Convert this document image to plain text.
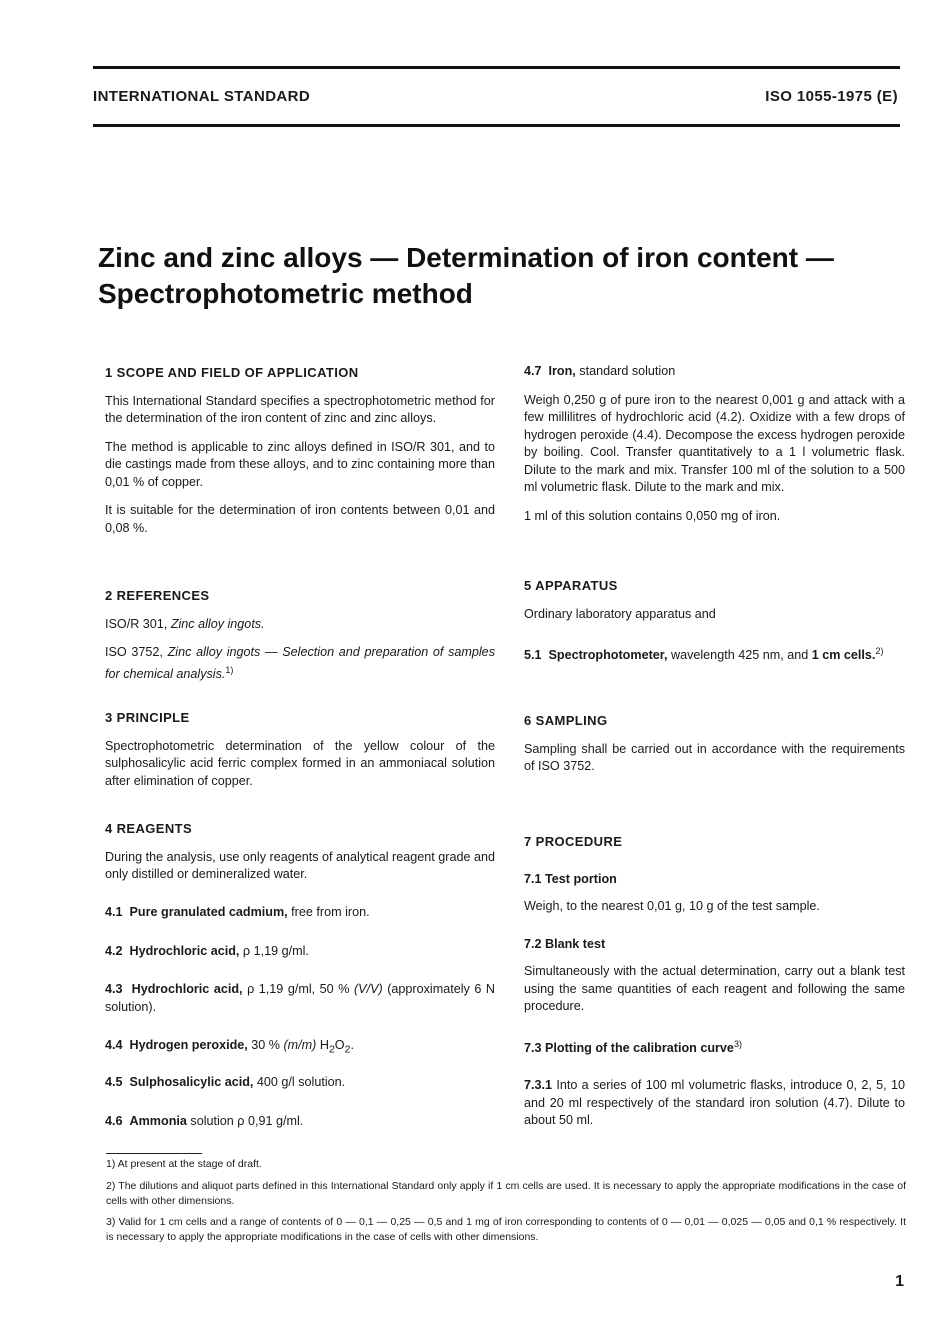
INTERNATIONAL STANDARD	ISO 1055-1975 (E)
Zinc and zinc alloys — Determination of iron content —
Spectrophotometric method
1 SCOPE AND FIELD OF APPLICATION

This International Standard specifies a spectrophotometric method for the determination of the iron content of zinc and zinc alloys.

The method is applicable to zinc alloys defined in ISO/R 301, and to die castings made from these alloys, and to zinc containing more than 0,01 % of copper.

It is suitable for the determination of iron contents between 0,01 and 0,08 %.

2 REFERENCES

ISO/R 301, Zinc alloy ingots.

ISO 3752, Zinc alloy ingots — Selection and preparation of samples for chemical analysis.$^{1)}$

3 PRINCIPLE

Spectrophotometric determination of the yellow colour of the sulphosalicylic acid ferric complex formed in an ammoniacal solution after elimination of copper.

4 REAGENTS

During the analysis, use only reagents of analytical reagent grade and only distilled or demineralized water.

4.1 Pure granulated cadmium, free from iron.

4.2 Hydrochloric acid, ρ 1,19 g/ml.

4.3 Hydrochloric acid, ρ 1,19 g/ml, 50 % (V/V) (approximately 6 N solution).

4.4 Hydrogen peroxide, 30 % (m/m) $H_2O_2$.

4.5 Sulphosalicylic acid, 400 g/l solution.

4.6 Ammonia solution ρ 0,91 g/ml.

4.7 Iron, standard solution

Weigh 0,250 g of pure iron to the nearest 0,001 g and attack with a few millilitres of hydrochloric acid (4.2). Oxidize with a few drops of hydrogen peroxide (4.4). Decompose the excess hydrogen peroxide by boiling. Cool. Transfer quantitatively to a 1 l volumetric flask. Dilute to the mark and mix. Transfer 100 ml of the solution to a 500 ml volumetric flask. Dilute to the mark and mix.

1 ml of this solution contains 0,050 mg of iron.

5 APPARATUS

Ordinary laboratory apparatus and

5.1 Spectrophotometer, wavelength 425 nm, and 1 cm cells.$^{2)}$

6 SAMPLING

Sampling shall be carried out in accordance with the requirements of ISO 3752.

7 PROCEDURE
7.1 Test portion

Weigh, to the nearest 0,01 g, 10 g of the test sample.

7.2 Blank test

Simultaneously with the actual determination, carry out a blank test using the same quantities of each reagent and following the same procedure.

7.3 Plotting of the calibration curve$^{3)}$

7.3.1 Into a series of 100 ml volumetric flasks, introduce 0, 2, 5, 10 and 20 ml respectively of the standard iron solution (4.7). Dilute to about 50 ml.

1) At present at the stage of draft.

2) The dilutions and aliquot parts defined in this International Standard only apply if 1 cm cells are used. It is necessary to apply the appropriate modifications in the case of cells with other dimensions.

3) Valid for 1 cm cells and a range of contents of 0 — 0,1 — 0,25 — 0,5 and 1 mg of iron corresponding to contents of 0 — 0,01 — 0,025 — 0,05 and 0,1 % respectively. It is necessary to apply the appropriate modifications in the case of cells with other dimensions.

1
